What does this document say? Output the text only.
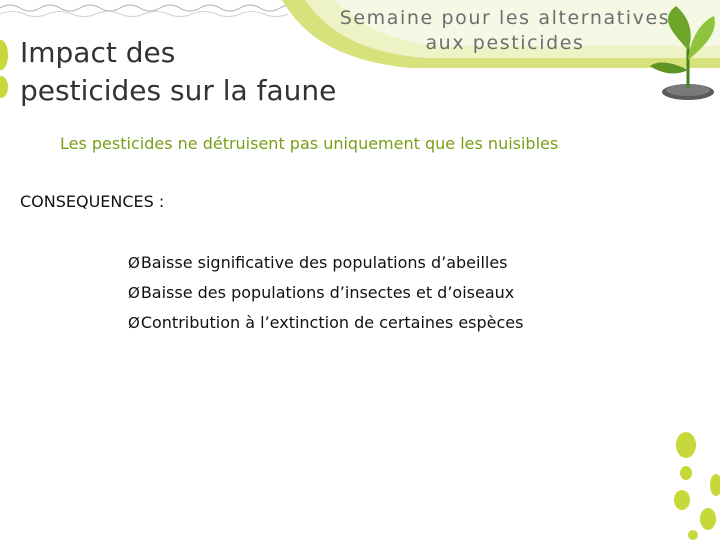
Semaine pour les alternatives
aux pesticides
Impact des
pesticides sur la faune
Les pesticides ne détruisent pas uniquement que les nuisibles
CONSEQUENCES :
ØBaisse significative des populations d’abeilles
ØBaisse des populations d’insectes et d’oiseaux
ØContribution à l’extinction de certaines espèces
